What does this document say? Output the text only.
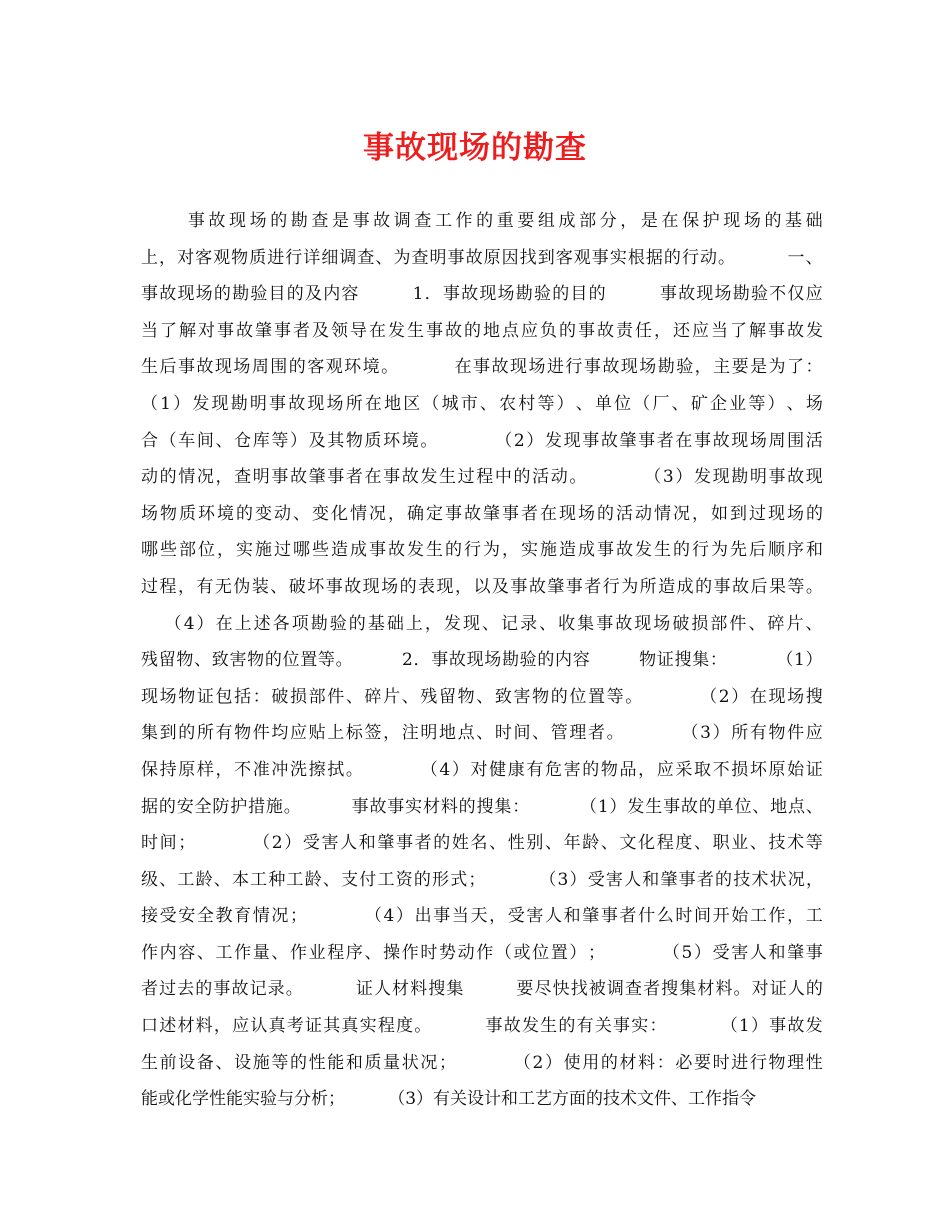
事故现场的勘查

事 故 现 场 的 勘 查 是 事 故 调 查 工 作 的 重 要 组 成 部 分 ， 是 在 保 护 现 场 的 基 础
上 ， 对 客 观 物 质 进 行 详 细 调 查 、 为 查 明 事 故 原 因 找 到 客 观 事 实 根 据 的 行 动 。

	一 、
事 故 现 场 的 勘 验 目 的 及 内 容

	1 ． 事 故 现 场 勘 验 的 目 的

	事 故 现 场 勘 验 不 仅 应
当 了 解 对 事 故 肇 事 者 及 领 导 在 发 生 事 故 的 地 点 应 负 的 事 故 责 任 ， 还 应 当 了 解 事 故 发
生 后 事 故 现 场 周 围 的 客 观 环 境 。

	在 事 故 现 场 进 行 事 故 现 场 勘 验 ， 主 要 是 为 了 ：
（ 1 ） 发 现 勘 明 事 故 现 场 所 在 地 区 （ 城 市 、 农 村 等 ） 、 单 位 （ 厂 、 矿 企 业 等 ） 、 场
合 （ 车 间 、 仓 库 等 ） 及 其 物 质 环 境 。

	（ 2 ） 发 现 事 故 肇 事 者 在 事 故 现 场 周 围 活
动 的 情 况 ， 查 明 事 故 肇 事 者 在 事 故 发 生 过 程 中 的 活 动 。

	（ 3 ） 发 现 勘 明 事 故 现
场 物 质 环 境 的 变 动 、 变 化 情 况 ， 确 定 事 故 肇 事 者 在 现 场 的 活 动 情 况 ， 如 到 过 现 场 的
哪 些 部 位 ， 实 施 过 哪 些 造 成 事 故 发 生 的 行 为 ， 实 施 造 成 事 故 发 生 的 行 为 先 后 顺 序 和
过 程 ， 有 无 伪 装 、 破 坏 事 故 现 场 的 表 现 ， 以 及 事 故 肇 事 者 行 为 所 造 成 的 事 故 后 果 等 。

（ 4 ） 在 上 述 各 项 勘 验 的 基 础 上 ， 发 现 、 记 录 、 收 集 事 故 现 场 破 损 部 件 、 碎 片 、
残 留 物 、 致 害 物 的 位 置 等 。

	2 ． 事 故 现 场 勘 验 的 内 容

	物 证 搜 集 ：

	（ 1 ）
现 场 物 证 包 括 ： 破 损 部 件 、 碎 片 、 残 留 物 、 致 害 物 的 位 置 等 。

	（ 2 ） 在 现 场 搜
集 到 的 所 有 物 件 均 应 贴 上 标 签 ， 注 明 地 点 、 时 间 、 管 理 者 。

	（ 3 ） 所 有 物 件 应
保 持 原 样 ， 不 准 冲 洗 擦 拭 。

	（ 4 ） 对 健 康 有 危 害 的 物 品 ， 应 采 取 不 损 坏 原 始 证
据 的 安 全 防 护 措 施 。

	事 故 事 实 材 料 的 搜 集 ：

	（ 1 ） 发 生 事 故 的 单 位 、 地 点 、
时 间 ；

	（ 2 ） 受 害 人 和 肇 事 者 的 姓 名 、 性 别 、 年 龄 、 文 化 程 度 、 职 业 、 技 术 等
级 、 工 龄 、 本 工 种 工 龄 、 支 付 工 资 的 形 式 ；

	（ 3 ） 受 害 人 和 肇 事 者 的 技 术 状 况 ，
接 受 安 全 教 育 情 况 ；

	（ 4 ） 出 事 当 天 ， 受 害 人 和 肇 事 者 什 么 时 间 开 始 工 作 ， 工
作 内 容 、 工 作 量 、 作 业 程 序 、 操 作 时 势 动 作 （ 或 位 置 ） ；

	（ 5 ） 受 害 人 和 肇 事
者 过 去 的 事 故 记 录 。

	证 人 材 料 搜 集

	要 尽 快 找 被 调 查 者 搜 集 材 料 。 对 证 人 的
口 述 材 料 ， 应 认 真 考 证 其 真 实 程 度 。

	事 故 发 生 的 有 关 事 实 ：

	（ 1 ） 事 故 发
生 前 设 备 、 设 施 等 的 性 能 和 质 量 状 况 ；

	（ 2 ） 使 用 的 材 料 ： 必 要 时 进 行 物 理 性
能或化学性能实验与分析；        （3）有关设计和工艺方面的技术文件、工作指令
